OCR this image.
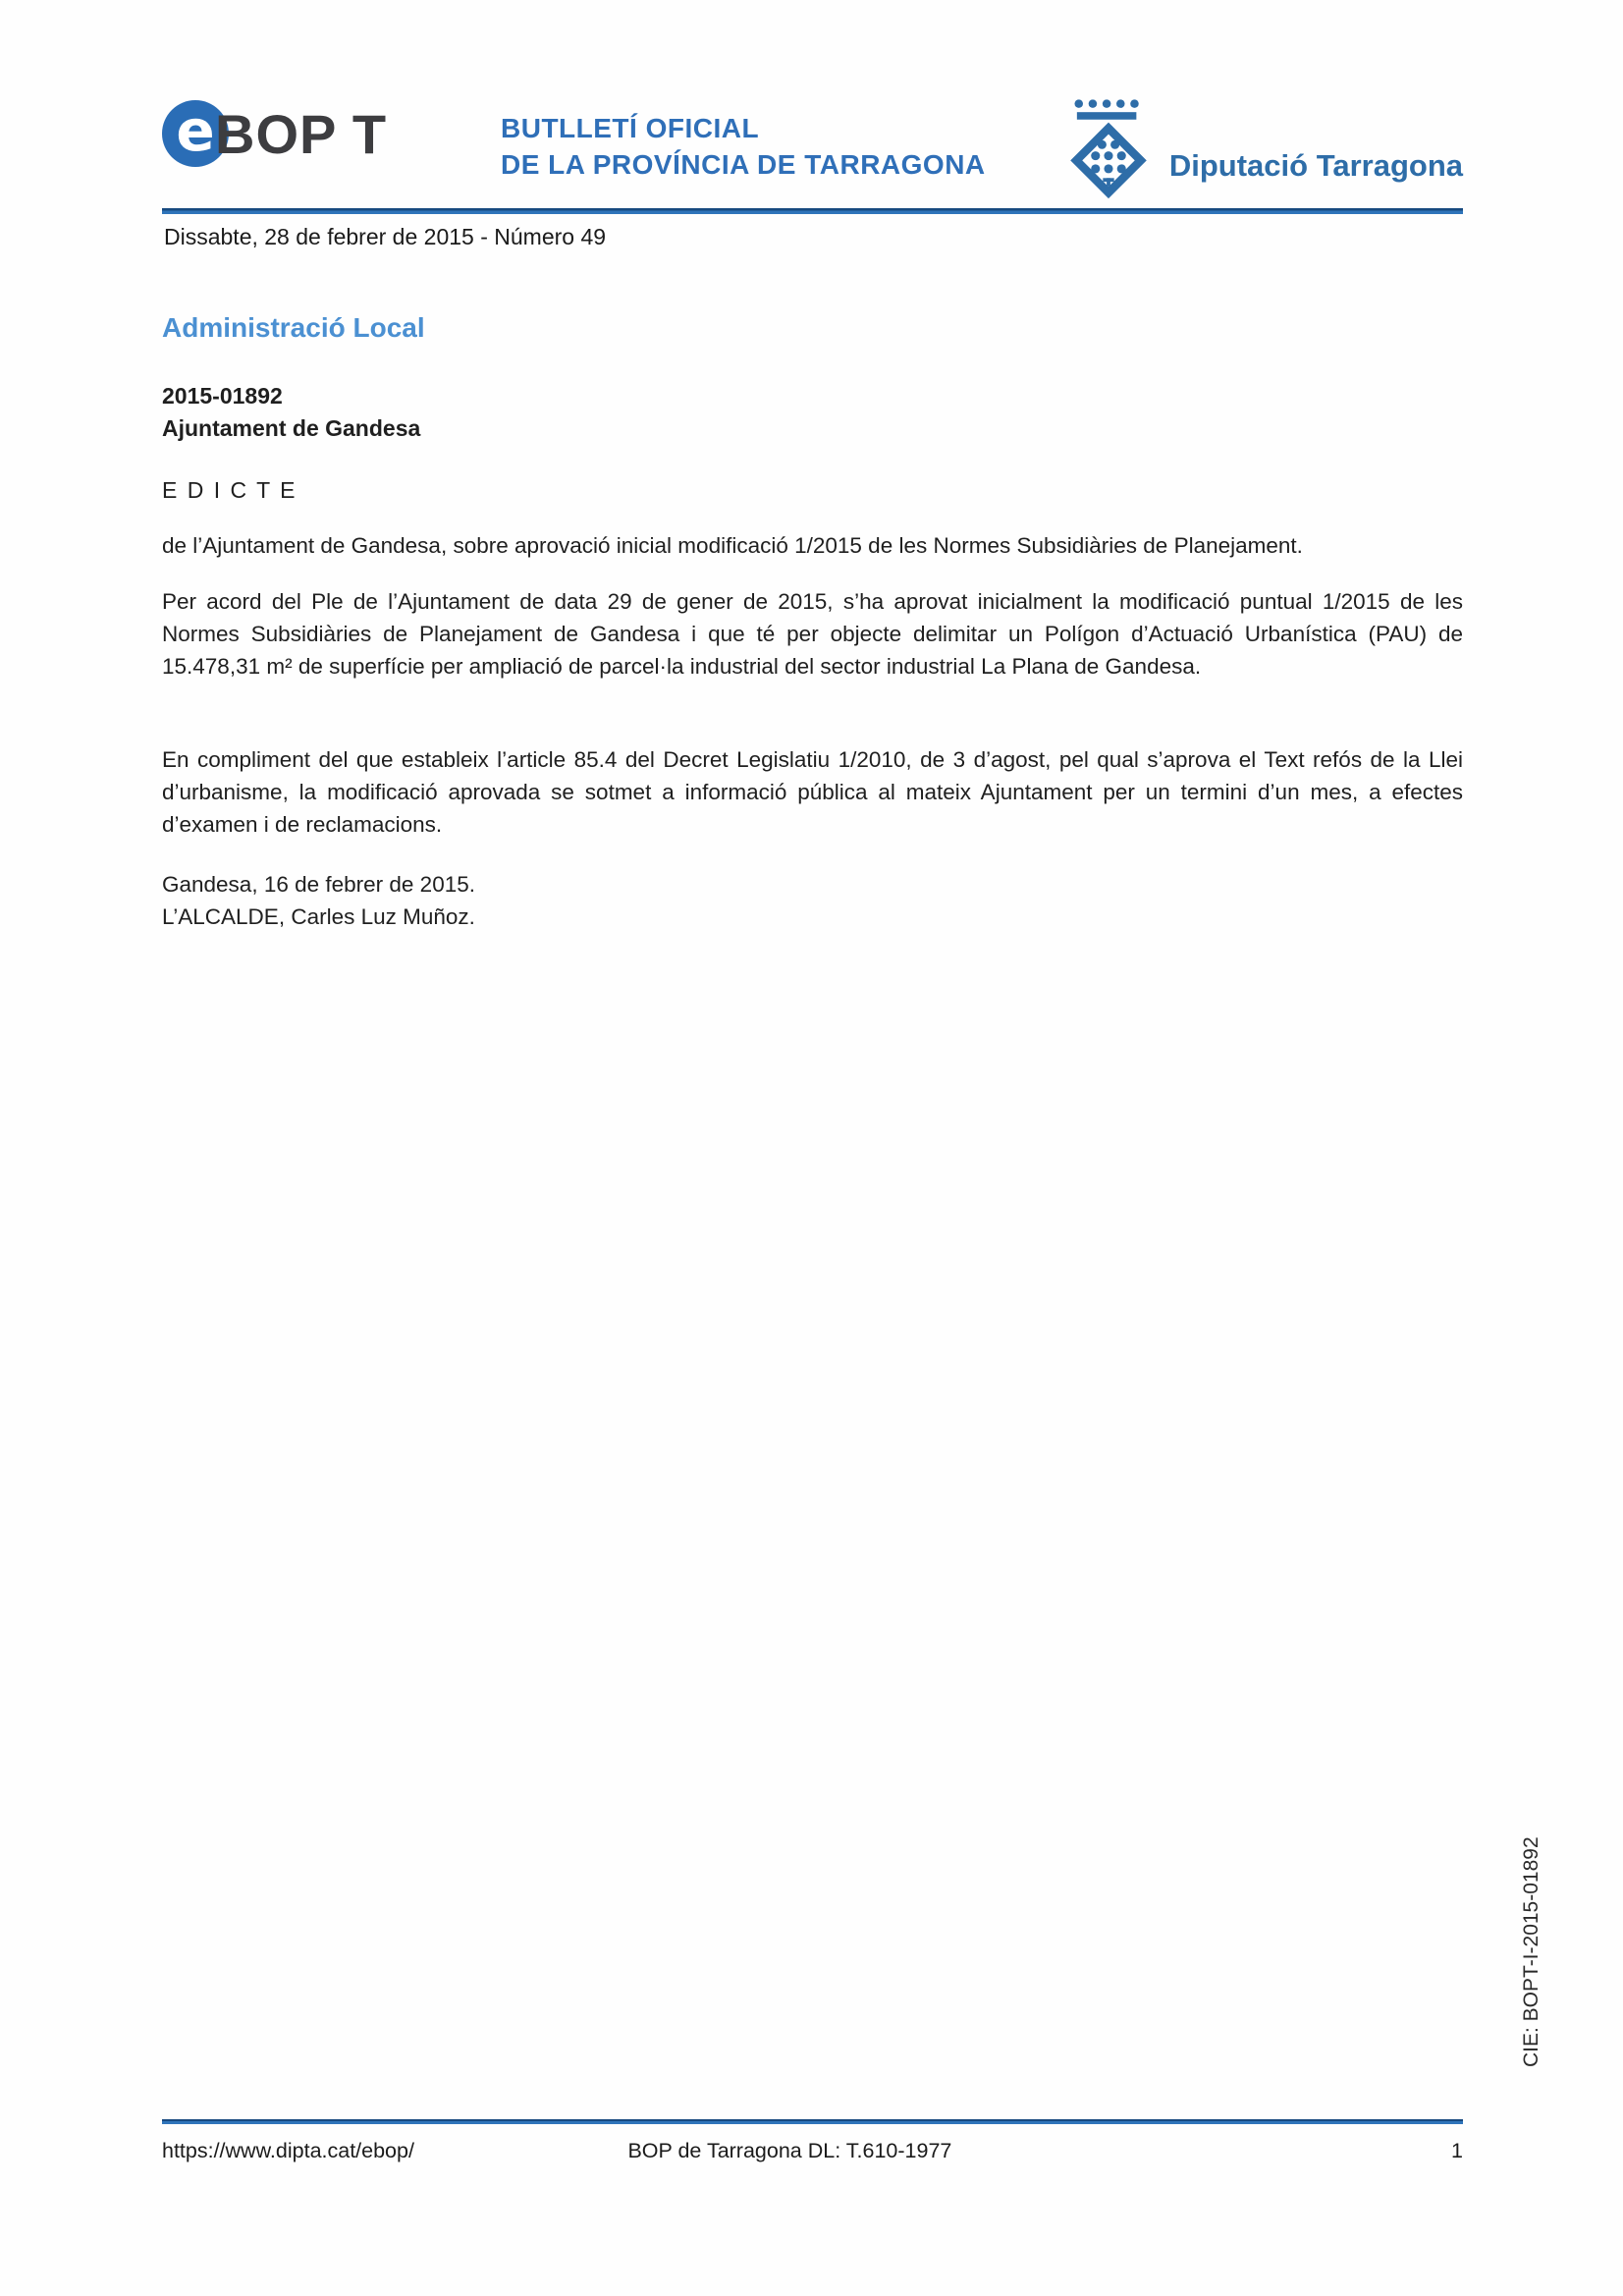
e BOP T	BUTLLETÍ OFICIAL
DE LA PROVÍNCIA DE TARRAGONA	Diputació Tarragona
Dissabte, 28 de febrer de 2015 - Número 49
Administració Local
2015-01892
Ajuntament de Gandesa
E D I C T E
de l’Ajuntament de Gandesa, sobre aprovació inicial modificació 1/2015 de les Normes Subsidiàries de Planejament.
Per acord del Ple de l’Ajuntament de data 29 de gener de 2015, s’ha aprovat inicialment la modificació puntual 1/2015 de les Normes Subsidiàries de Planejament de Gandesa i que té per objecte delimitar un Polígon d’Actuació Urbanística (PAU) de 15.478,31 m² de superfície per ampliació de parcel·la industrial del sector industrial La Plana de Gandesa.
En compliment del que estableix l’article 85.4 del Decret Legislatiu 1/2010, de 3 d’agost, pel qual s’aprova el Text refós de la Llei d’urbanisme, la modificació aprovada se sotmet a informació pública al mateix Ajuntament per un termini d’un mes, a efectes d’examen i de reclamacions.
Gandesa, 16 de febrer de 2015.
L’ALCALDE, Carles Luz Muñoz.
CIE: BOPT-I-2015-01892
https://www.dipta.cat/ebop/	BOP de Tarragona DL: T.610-1977	1
